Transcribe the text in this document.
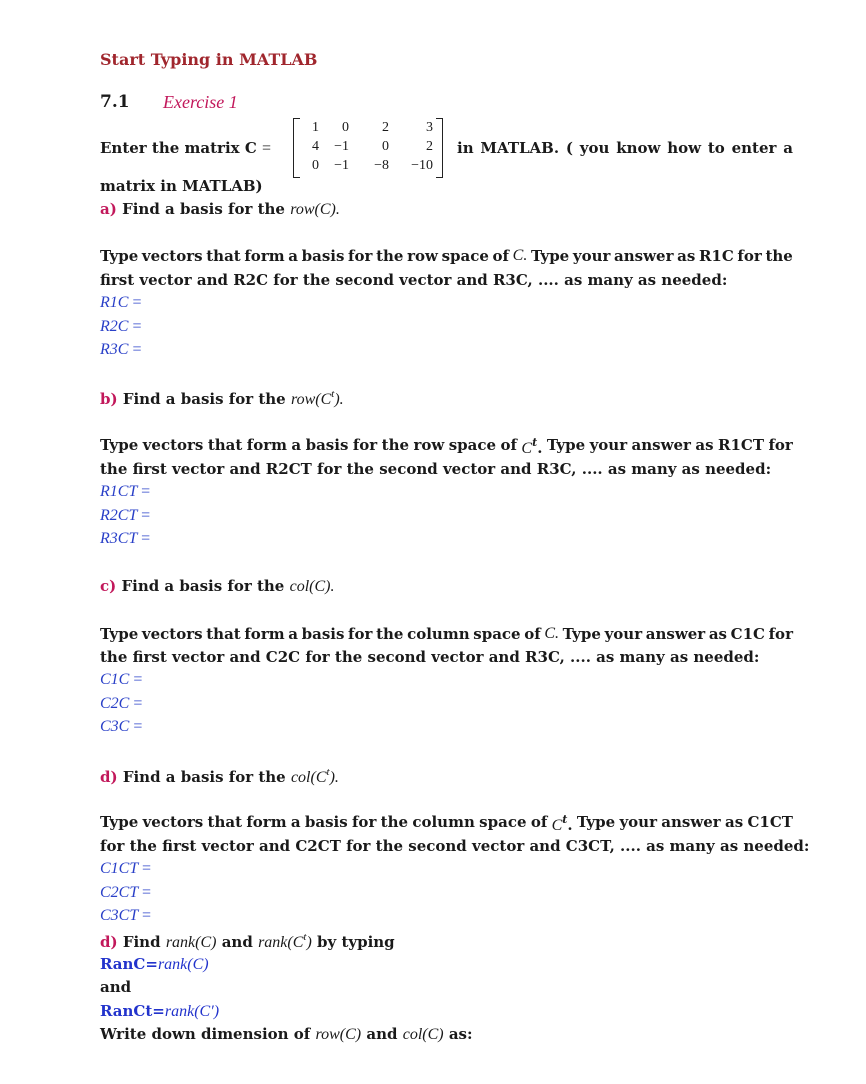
Start Typing in MATLAB
7.1 Exercise 1
Enter the matrix C =
1	0	2	3
4	−1	0	2
0	−1	−8	−10
in MATLAB. ( you know how to enter a
matrix in MATLAB)
a) Find a basis for the row(C).
Type vectors that form a basis for the row space of C. Type your answer as R1C for the
first vector and R2C for the second vector and R3C, .... as many as needed:
R1C =
R2C =
R3C =
b) Find a basis for the $row(C^t)$.
Type vectors that form a basis for the row space of $C^t$. Type your answer as R1CT for
the first vector and R2CT for the second vector and R3C, .... as many as needed:
R1CT =
R2CT =
R3CT =
c) Find a basis for the col(C).
Type vectors that form a basis for the column space of C. Type your answer as C1C for
the first vector and C2C for the second vector and R3C, .... as many as needed:
C1C =
C2C =
C3C =
d) Find a basis for the $col(C^t)$.
Type vectors that form a basis for the column space of $C^t$. Type your answer as C1CT
for the first vector and C2CT for the second vector and C3CT, .... as many as needed:
C1CT =
C2CT =
C3CT =
d) Find rank(C) and $rank(C^t)$ by typing
RanC=rank(C)
and
RanCt=rank(C′)
Write down dimension of row(C) and col(C) as:
